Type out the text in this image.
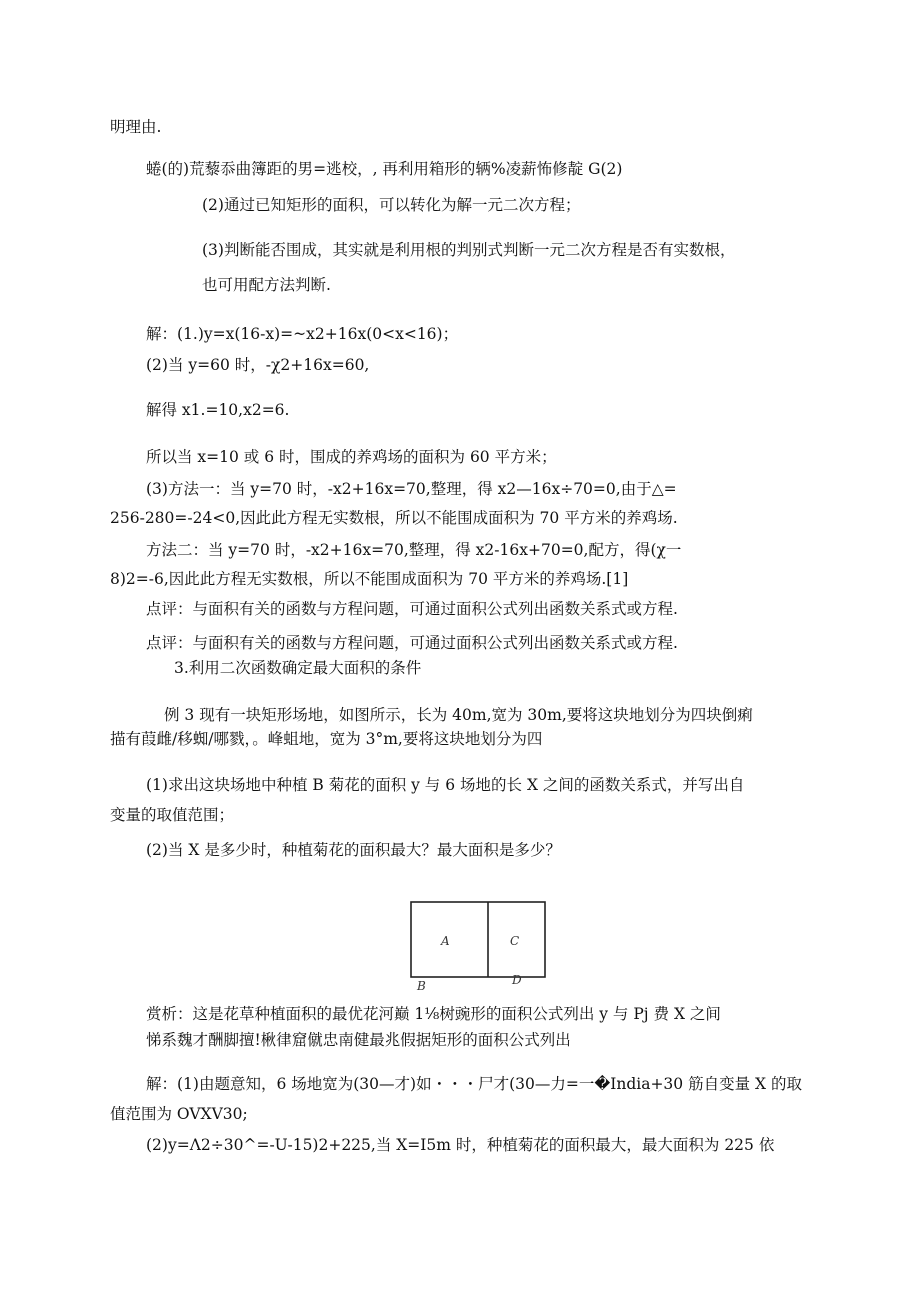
明理由.
蜷(的)荒藜忝曲簿距的男=逃校，, 再利用箱形的辆%凌薪怖修靛 G(2)
(2)通过已知矩形的面积，可以转化为解一元二次方程；
(3)判断能否围成，其实就是利用根的判别式判断一元二次方程是否有实数根，
也可用配方法判断.
解：(1.)y=x(16-x)=~x2+16x(0<x<16)；
(2)当 y=60 时，-χ2+16x=60,
解得 x1.=10,x2=6.
所以当 x=10 或 6 时，围成的养鸡场的面积为 60 平方米；
(3)方法一：当 y=70 时，-x2+16x=70,整理，得 x2—16x÷70=0,由于△=
256-280=-24<0,因此此方程无实数根，所以不能围成面积为 70 平方米的养鸡场.
方法二：当 y=70 时，-x2+16x=70,整理，得 x2-16x+70=0,配方，得(χ一
8)2=-6,因此此方程无实数根，所以不能围成面积为 70 平方米的养鸡场.[1]
点评：与面积有关的函数与方程问题，可通过面积公式列出函数关系式或方程.
点评：与面积有关的函数与方程问题，可通过面积公式列出函数关系式或方程.
3.利用二次函数确定最大面积的条件
例 3 现有一块矩形场地，如图所示，长为 40m,宽为 30m,要将这块地划分为四块倒痢
描有葭雌/移蜘/哪戮，。峰蛆地，宽为 3°m,要将这块地划分为四
(1)求出这块场地中种植 B 菊花的面积 y 与 6 场地的长 X 之间的函数关系式，并写出自
变量的取值范围；
(2)当 X 是多少时，种植菊花的面积最大？最大面积是多少？
A	C
B	D
赏析：这是花草种植面积的最优花河巅 1⅛树豌形的面积公式列出 y 与 Pj 费 X 之间
悌系魏才酬脚擅!楸律窟僦忠南健最兆假据矩形的面积公式列出
解：(1)由题意知，6 场地宽为(30—才)如・・・尸才(30—力=一�India+30 筋自变量 X 的取
值范围为 OVXV30;
(2)y=Λ2÷30^=-U-15)2+225,当 X=I5m 时，种植菊花的面积最大，最大面积为 225 依
